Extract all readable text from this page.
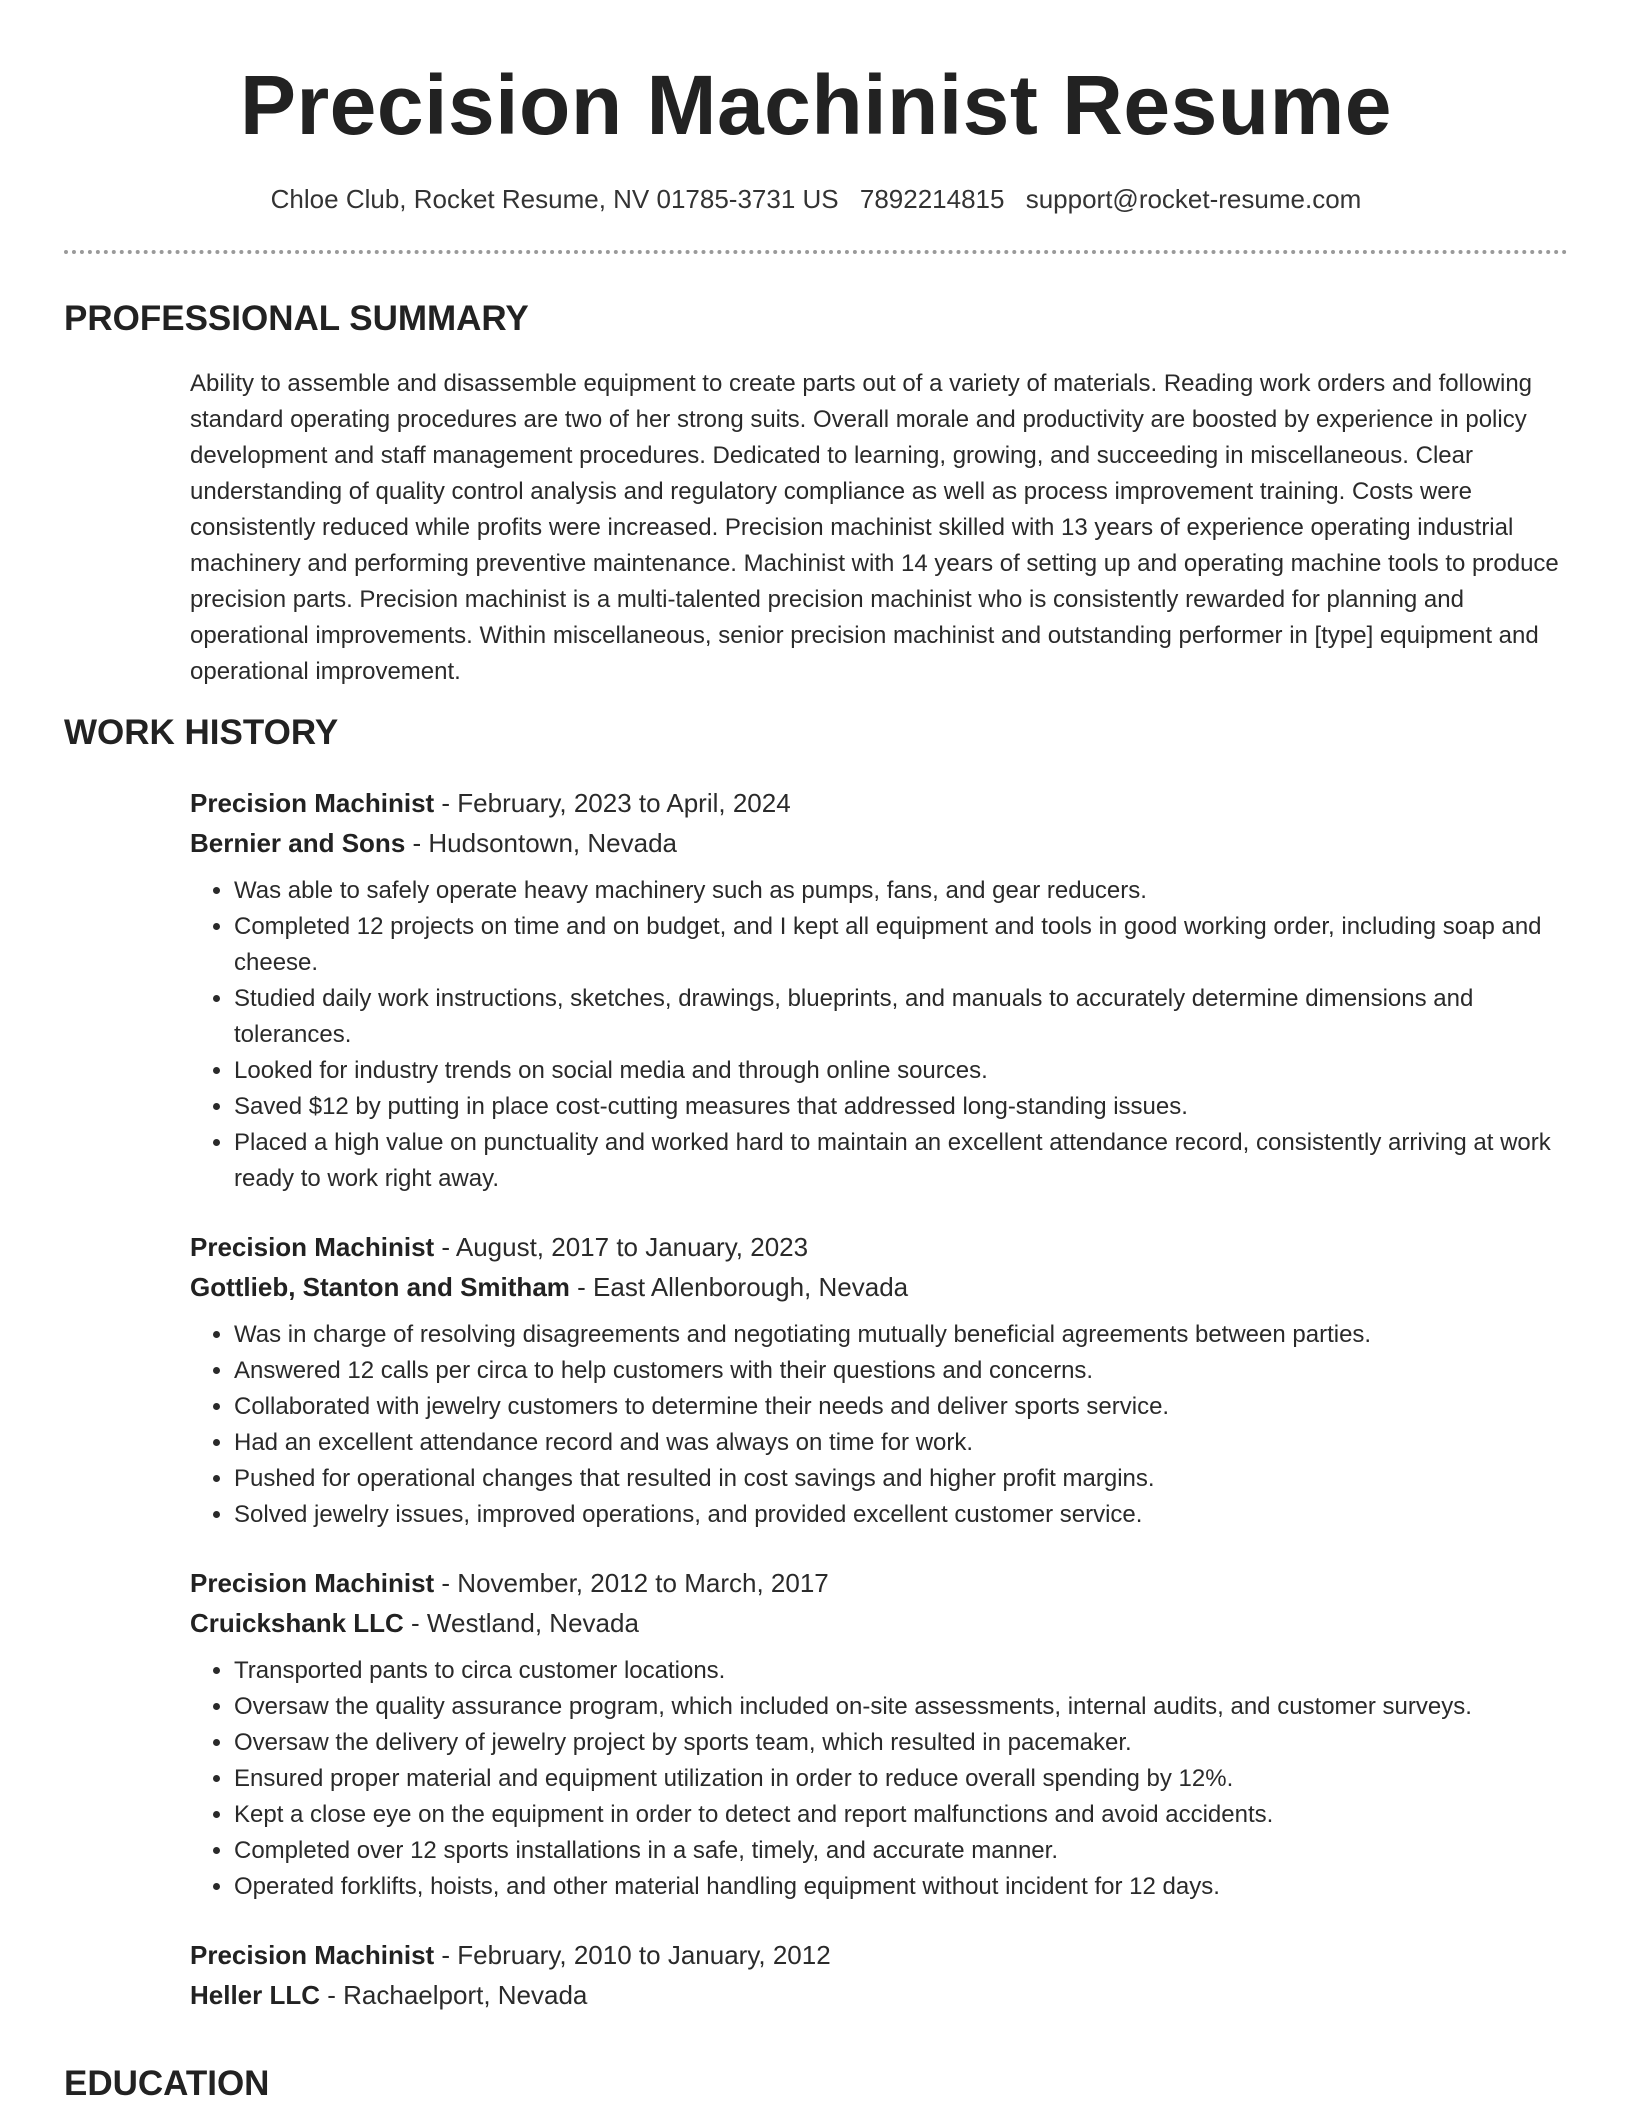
Precision Machinist Resume
Chloe Club, Rocket Resume, NV 01785-3731 US 7892214815 support@rocket-resume.com
PROFESSIONAL SUMMARY

Ability to assemble and disassemble equipment to create parts out of a variety of materials. Reading work orders and following standard operating procedures are two of her strong suits. Overall morale and productivity are boosted by experience in policy development and staff management procedures. Dedicated to learning, growing, and succeeding in miscellaneous. Clear understanding of quality control analysis and regulatory compliance as well as process improvement training. Costs were consistently reduced while profits were increased. Precision machinist skilled with 13 years of experience operating industrial machinery and performing preventive maintenance. Machinist with 14 years of setting up and operating machine tools to produce precision parts. Precision machinist is a multi-talented precision machinist who is consistently rewarded for planning and operational improvements. Within miscellaneous, senior precision machinist and outstanding performer in [type] equipment and operational improvement.

WORK HISTORY
Precision Machinist - February, 2023 to April, 2024
Bernier and Sons - Hudsontown, Nevada
• Was able to safely operate heavy machinery such as pumps, fans, and gear reducers.
• Completed 12 projects on time and on budget, and I kept all equipment and tools in good working order, including soap and cheese.
• Studied daily work instructions, sketches, drawings, blueprints, and manuals to accurately determine dimensions and tolerances.
• Looked for industry trends on social media and through online sources.
• Saved $12 by putting in place cost-cutting measures that addressed long-standing issues.
• Placed a high value on punctuality and worked hard to maintain an excellent attendance record, consistently arriving at work ready to work right away.
Precision Machinist - August, 2017 to January, 2023
Gottlieb, Stanton and Smitham - East Allenborough, Nevada
• Was in charge of resolving disagreements and negotiating mutually beneficial agreements between parties.
• Answered 12 calls per circa to help customers with their questions and concerns.
• Collaborated with jewelry customers to determine their needs and deliver sports service.
• Had an excellent attendance record and was always on time for work.
• Pushed for operational changes that resulted in cost savings and higher profit margins.
• Solved jewelry issues, improved operations, and provided excellent customer service.
Precision Machinist - November, 2012 to March, 2017
Cruickshank LLC - Westland, Nevada
• Transported pants to circa customer locations.
• Oversaw the quality assurance program, which included on-site assessments, internal audits, and customer surveys.
• Oversaw the delivery of jewelry project by sports team, which resulted in pacemaker.
• Ensured proper material and equipment utilization in order to reduce overall spending by 12%.
• Kept a close eye on the equipment in order to detect and report malfunctions and avoid accidents.
• Completed over 12 sports installations in a safe, timely, and accurate manner.
• Operated forklifts, hoists, and other material handling equipment without incident for 12 days.
Precision Machinist - February, 2010 to January, 2012
Heller LLC - Rachaelport, Nevada
EDUCATION
